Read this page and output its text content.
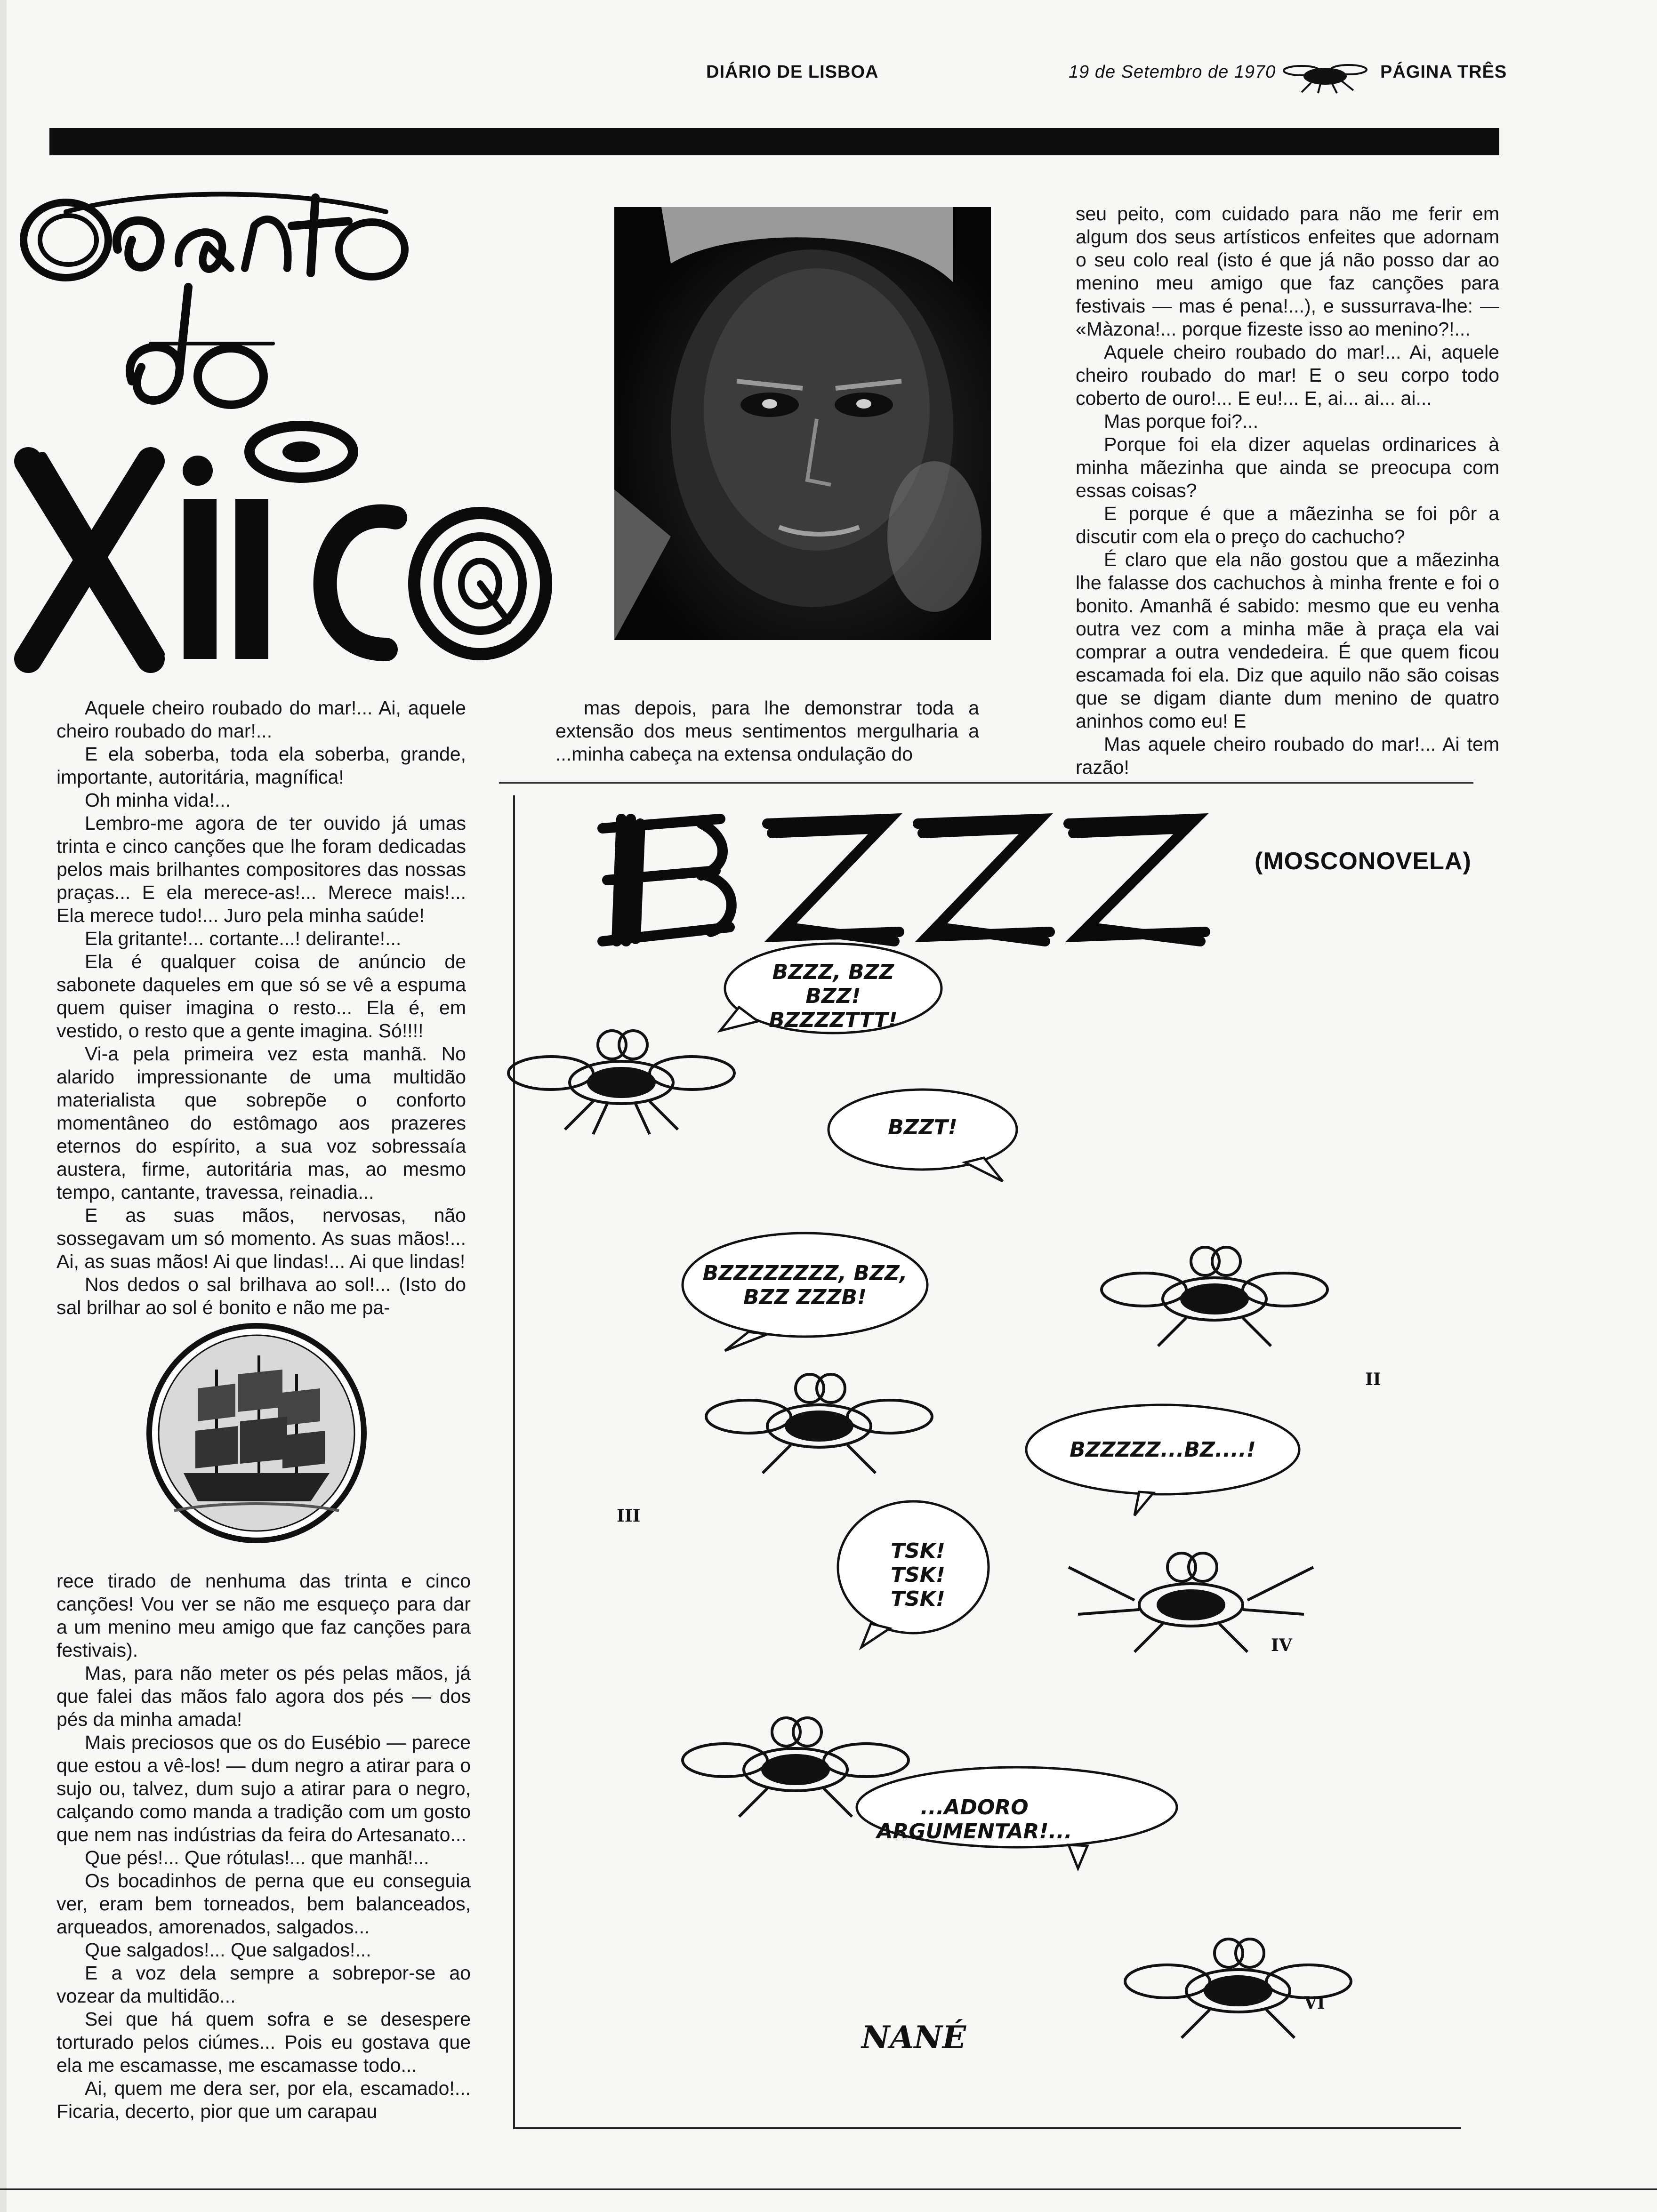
DIÁRIO DE LISBOA	19 de Setembro de 1970	PÁGINA TRÊS
o canto

Aquele cheiro roubado do mar!... Ai, aquele cheiro roubado do mar!...

E ela soberba, toda ela soberba, grande, importante, autoritária, magnífica!

Oh minha vida!...

Lembro-me agora de ter ouvido já umas trinta e cinco canções que lhe foram dedicadas pelos mais brilhantes compositores das nossas praças... E ela merece-as!... Merece mais!... Ela merece tudo!... Juro pela minha saúde!

Ela gritante!... cortante...! delirante!...

Ela é qualquer coisa de anúncio de sabonete daqueles em que só se vê a espuma quem quiser imagina o resto... Ela é, em vestido, o resto que a gente imagina. Só!!!!

Vi-a pela primeira vez esta manhã. No alarido impressionante de uma multidão materialista que sobrepõe o conforto momentâneo do estômago aos prazeres eternos do espírito, a sua voz sobressaía austera, firme, autoritária mas, ao mesmo tempo, cantante, travessa, reinadia...

E as suas mãos, nervosas, não sossegavam um só momento. As suas mãos!... Ai, as suas mãos! Ai que lindas!... Ai que lindas!

Nos dedos o sal brilhava ao sol!... (Isto do sal brilhar ao sol é bonito e não me pa-

rece tirado de nenhuma das trinta e cinco canções! Vou ver se não me esqueço para dar a um menino meu amigo que faz canções para festivais).

Mas, para não meter os pés pelas mãos, já que falei das mãos falo agora dos pés — dos pés da minha amada!

Mais preciosos que os do Eusébio — parece que estou a vê-los! — dum negro a atirar para o sujo ou, talvez, dum sujo a atirar para o negro, calçando como manda a tradição com um gosto que nem nas indústrias da feira do Artesanato...

Que pés!... Que rótulas!... que manhã!...

Os bocadinhos de perna que eu conseguia ver, eram bem torneados, bem balanceados, arqueados, amorenados, salgados...

Que salgados!... Que salgados!...

E a voz dela sempre a sobrepor-se ao vozear da multidão...

Sei que há quem sofra e se desespere torturado pelos ciúmes... Pois eu gostava que ela me escamasse, me escamasse todo...

Ai, quem me dera ser, por ela, escamado!... Ficaria, decerto, pior que um carapau

mas depois, para lhe demonstrar toda a extensão dos meus sentimentos mergulharia a ...minha cabeça na extensa ondulação do

seu peito, com cuidado para não me ferir em algum dos seus artísticos enfeites que adornam o seu colo real (isto é que já não posso dar ao menino meu amigo que faz canções para festivais — mas é pena!...), e sussurrava-lhe: — «Màzona!... porque fizeste isso ao menino?!...

Aquele cheiro roubado do mar!... Ai, aquele cheiro roubado do mar! E o seu corpo todo coberto de ouro!... E eu!... E, ai... ai... ai...

Mas porque foi?...

Porque foi ela dizer aquelas ordinarices à minha mãezinha que ainda se preocupa com essas coisas?

E porque é que a mãezinha se foi pôr a discutir com ela o preço do cachucho?

É claro que ela não gostou que a mãezinha lhe falasse dos cachuchos à minha frente e foi o bonito. Amanhã é sabido: mesmo que eu venha outra vez com a minha mãe à praça ela vai comprar a outra vendedeira. É que quem ficou escamada foi ela. Diz que aquilo não são coisas que se digam diante dum menino de quatro aninhos como eu! E

Mas aquele cheiro roubado do mar!... Ai tem razão!

(MOSCONOVELA)
BZZZ, BZZ BZZ! BZZZZTTT!
BZZT!
BZZZZZZZZ, BZZ, BZZ ZZZB!
BZZZZZ...BZ....!
TSK! TSK! TSK!
...ADORO ARGUMENTAR!...
II
III
IV
VI
NANÉ
